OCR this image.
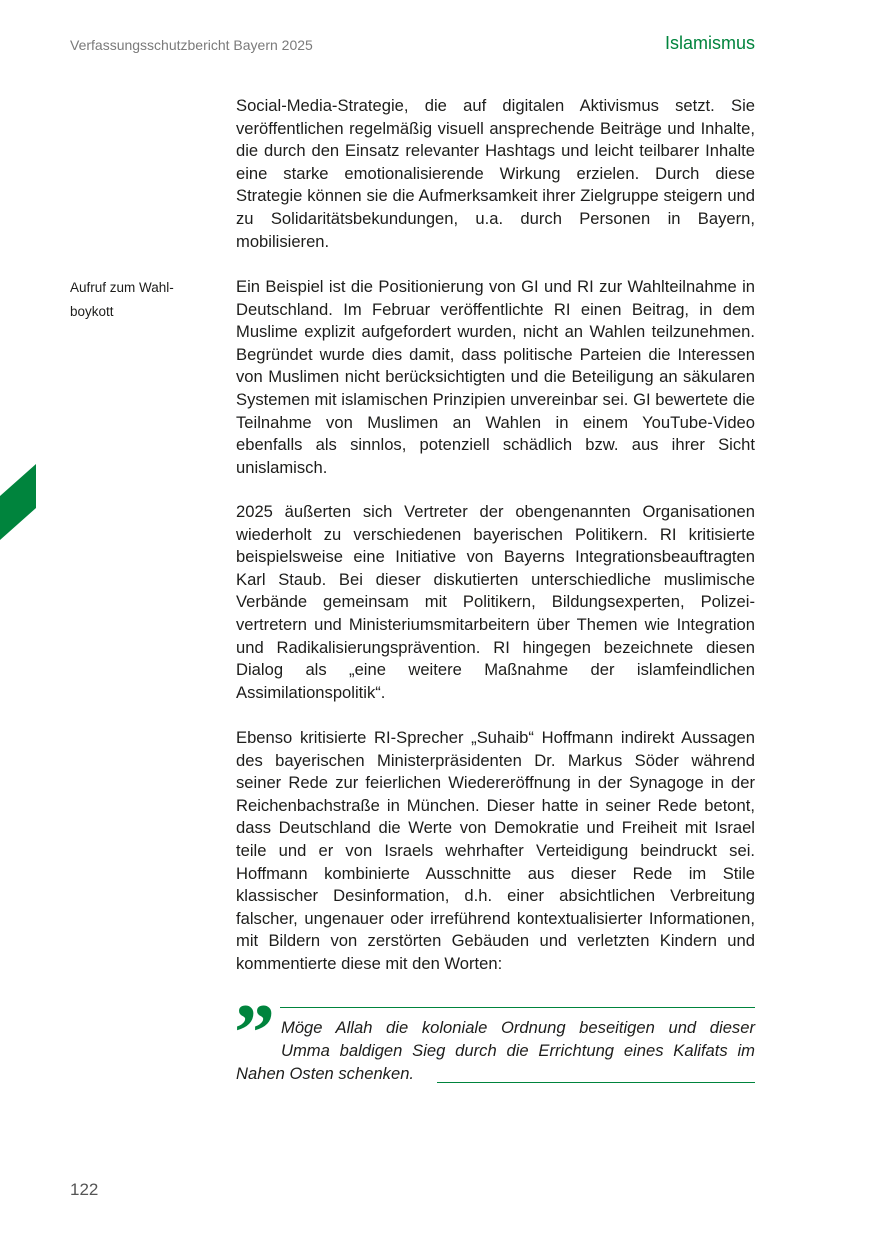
Verfassungsschutzbericht Bayern 2025	Islamismus
Aufruf zum Wahlboykott

Social-Media-Strategie, die auf digitalen Aktivismus setzt. Sie veröffentlichen regelmäßig visuell ansprechende Beiträge und Inhalte, die durch den Einsatz relevanter Hashtags und leicht teilbarer Inhalte eine starke emotionalisierende Wirkung erzielen. Durch diese Strategie können sie die Aufmerksamkeit ihrer Zielgruppe steigern und zu Solidaritätsbekundungen, u.a. durch Personen in Bayern, mobilisieren.

Ein Beispiel ist die Positionierung von GI und RI zur Wahlteilnahme in Deutschland. Im Februar veröffentlichte RI einen Beitrag, in dem Muslime explizit aufgefordert wurden, nicht an Wahlen teilzunehmen. Begründet wurde dies damit, dass politische Parteien die Interessen von Muslimen nicht berücksichtigten und die Beteiligung an säkularen Systemen mit islamischen Prinzipien unvereinbar sei. GI bewertete die Teilnahme von Muslimen an Wahlen in einem YouTube-Video ebenfalls als sinnlos, potenziell schädlich bzw. aus ihrer Sicht unislamisch.

2025 äußerten sich Vertreter der obengenannten Organisationen wiederholt zu verschiedenen bayerischen Politikern. RI kritisierte beispielsweise eine Initiative von Bayerns Integrationsbeauftragten Karl Staub. Bei dieser diskutierten unterschiedliche muslimische Verbände gemeinsam mit Politikern, Bildungsexperten, Polizeivertretern und Ministeriumsmitarbeitern über Themen wie Integration und Radikalisierungsprävention. RI hingegen bezeichnete diesen Dialog als „eine weitere Maßnahme der islamfeindlichen Assimilationspolitik“.

Ebenso kritisierte RI-Sprecher „Suhaib“ Hoffmann indirekt Aussagen des bayerischen Ministerpräsidenten Dr. Markus Söder während seiner Rede zur feierlichen Wiedereröffnung in der Synagoge in der Reichenbachstraße in München. Dieser hatte in seiner Rede betont, dass Deutschland die Werte von Demokratie und Freiheit mit Israel teile und er von Israels wehrhafter Verteidigung beindruckt sei. Hoffmann kombinierte Ausschnitte aus dieser Rede im Stile klassischer Desinformation, d.h. einer absichtlichen Verbreitung falscher, ungenauer oder irreführend kontextualisierter Informationen, mit Bildern von zerstörten Gebäuden und verletzten Kindern und kommentierte diese mit den Worten:

” Möge Allah die koloniale Ordnung beseitigen und dieser

Umma baldigen Sieg durch die Errichtung eines Kalifats im

Nahen Osten schenken.

122
